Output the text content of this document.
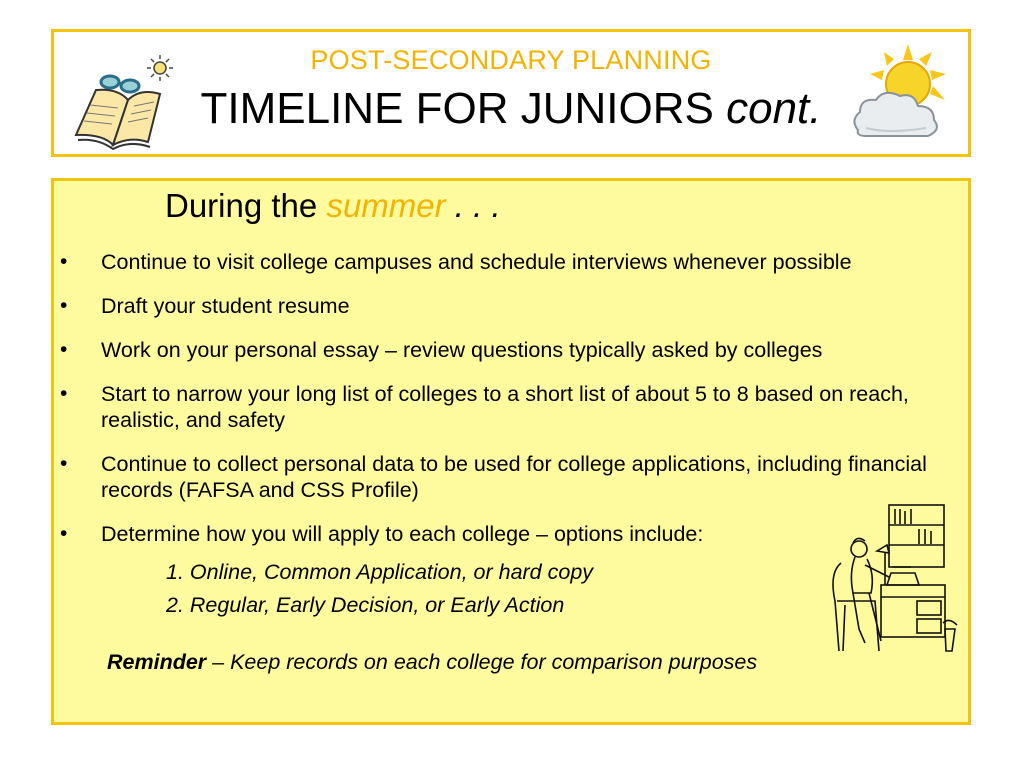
POST-SECONDARY PLANNING
TIMELINE FOR JUNIORS cont.
During the summer . . .
• Continue to visit college campuses and schedule interviews whenever possible
• Draft your student resume
• Work on your personal essay – review questions typically asked by colleges
• Start to narrow your long list of colleges to a short list of about 5 to 8 based on reach, realistic, and safety
• Continue to collect personal data to be used for college applications, including financial records (FAFSA and CSS Profile)
• Determine how you will apply to each college – options include:
1. Online, Common Application, or hard copy
2. Regular, Early Decision, or Early Action
Reminder – Keep records on each college for comparison purposes
